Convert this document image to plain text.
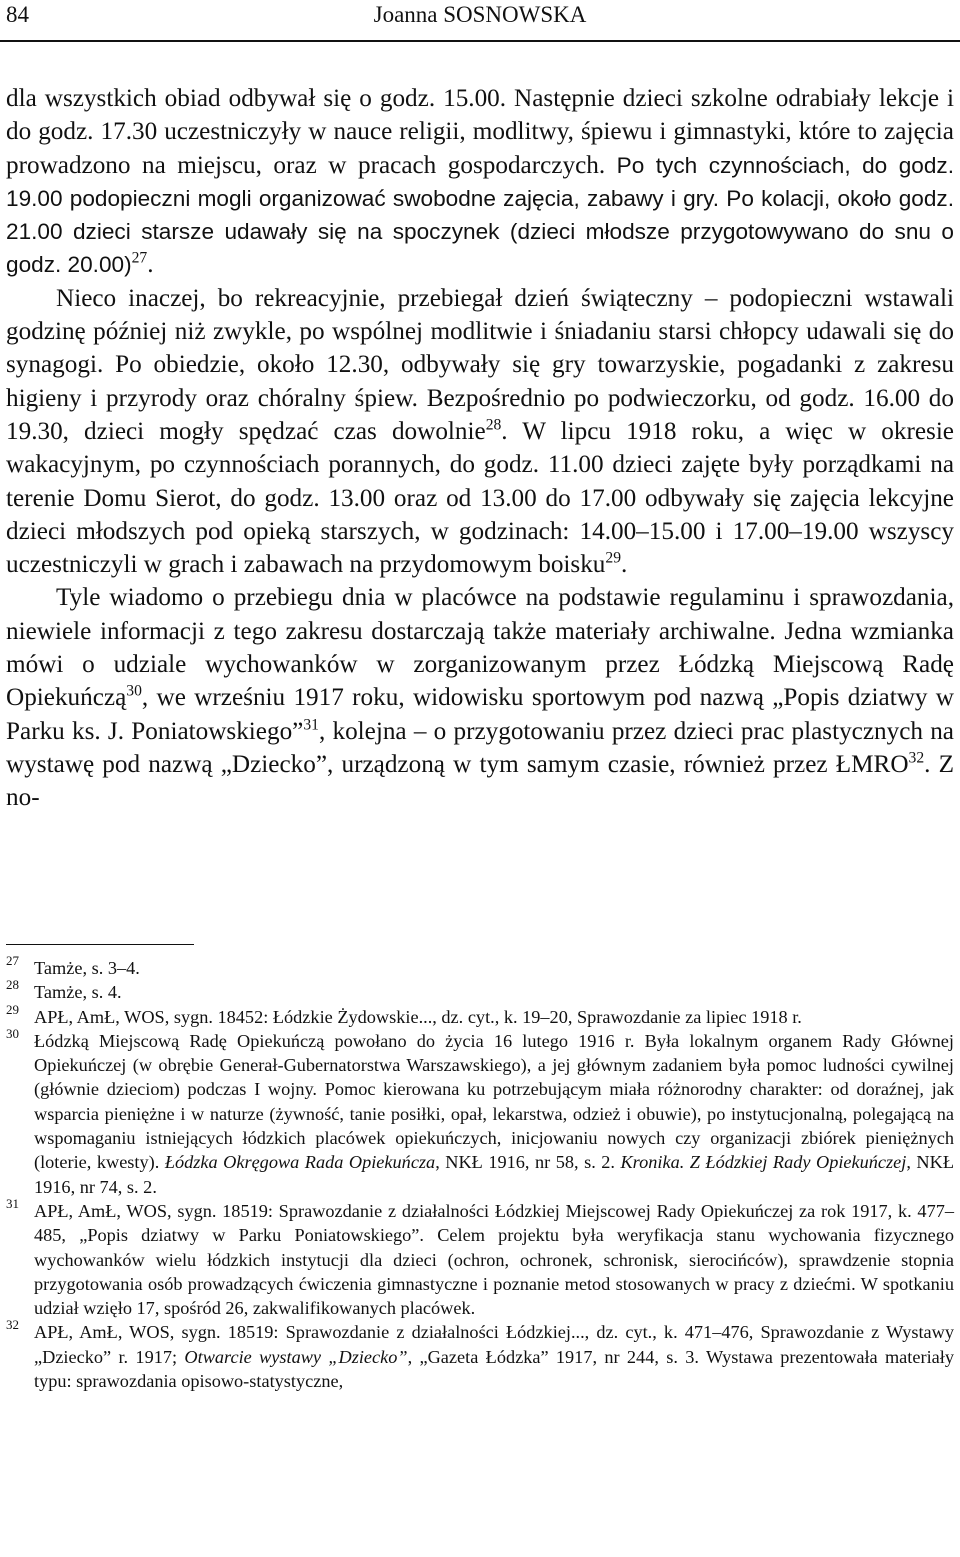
84	Joanna SOSNOWSKA

dla wszystkich obiad odbywał się o godz. 15.00. Następnie dzieci szkolne odrabiały lekcje i do godz. 17.30 uczestniczyły w nauce religii, modlitwy, śpiewu i gimnastyki, które to zajęcia prowadzono na miejscu, oraz w pracach gospodarczych. Po tych czynnościach, do godz. 19.00 podopieczni mogli organizować swobodne zajęcia, zabawy i gry. Po kolacji, około godz. 21.00 dzieci starsze udawały się na spoczynek (dzieci młodsze przygotowywano do snu o godz. 20.00)$^{27}$.

Nieco inaczej, bo rekreacyjnie, przebiegał dzień świąteczny – podopieczni wstawali godzinę później niż zwykle, po wspólnej modlitwie i śniadaniu starsi chłopcy udawali się do synagogi. Po obiedzie, około 12.30, odbywały się gry towarzyskie, pogadanki z zakresu higieny i przyrody oraz chóralny śpiew. Bezpośrednio po podwieczorku, od godz. 16.00 do 19.30, dzieci mogły spędzać czas dowolnie$^{28}$. W lipcu 1918 roku, a więc w okresie wakacyjnym, po czynnościach porannych, do godz. 11.00 dzieci zajęte były porządkami na terenie Domu Sierot, do godz. 13.00 oraz od 13.00 do 17.00 odbywały się zajęcia lekcyjne dzieci młodszych pod opieką starszych, w godzinach: 14.00–15.00 i 17.00–19.00 wszyscy uczestniczyli w grach i zabawach na przydomowym boisku$^{29}$.

Tyle wiadomo o przebiegu dnia w placówce na podstawie regulaminu i sprawozdania, niewiele informacji z tego zakresu dostarczają także materiały archiwalne. Jedna wzmianka mówi o udziale wychowanków w zorganizowanym przez Łódzką Miejscową Radę Opiekuńczą$^{30}$, we wrześniu 1917 roku, widowisku sportowym pod nazwą „Popis dziatwy w Parku ks. J. Poniatowskiego”$^{31}$, kolejna – o przygotowaniu przez dzieci prac plastycznych na wystawę pod nazwą „Dziecko”, urządzoną w tym samym czasie, również przez ŁMRO$^{32}$. Z no-

27 Tamże, s. 3–4.
28 Tamże, s. 4.
29 APŁ, AmŁ, WOS, sygn. 18452: Łódzkie Żydowskie..., dz. cyt., k. 19–20, Sprawozdanie za lipiec 1918 r.
30 Łódzką Miejscową Radę Opiekuńczą powołano do życia 16 lutego 1916 r. Była lokalnym organem Rady Głównej Opiekuńczej (w obrębie Generał-Gubernatorstwa Warszawskiego), a jej głównym zadaniem była pomoc ludności cywilnej (głównie dzieciom) podczas I wojny. Pomoc kierowana ku potrzebującym miała różnorodny charakter: od doraźnej, jak wsparcia pieniężne i w naturze (żywność, tanie posiłki, opał, lekarstwa, odzież i obuwie), po instytucjonalną, polegającą na wspomaganiu istniejących łódzkich placówek opiekuńczych, inicjowaniu nowych czy organizacji zbiórek pieniężnych (loterie, kwesty). Łódzka Okręgowa Rada Opiekuńcza, NKŁ 1916, nr 58, s. 2. Kronika. Z Łódzkiej Rady Opiekuńczej, NKŁ 1916, nr 74, s. 2.
31 APŁ, AmŁ, WOS, sygn. 18519: Sprawozdanie z działalności Łódzkiej Miejscowej Rady Opiekuńczej za rok 1917, k. 477–485, „Popis dziatwy w Parku Poniatowskiego”. Celem projektu była weryfikacja stanu wychowania fizycznego wychowanków wielu łódzkich instytucji dla dzieci (ochron, ochronek, schronisk, sierocińców), sprawdzenie stopnia przygotowania osób prowadzących ćwiczenia gimnastyczne i poznanie metod stosowanych w pracy z dziećmi. W spotkaniu udział wzięło 17, spośród 26, zakwalifikowanych placówek.
32 APŁ, AmŁ, WOS, sygn. 18519: Sprawozdanie z działalności Łódzkiej..., dz. cyt., k. 471–476, Sprawozdanie z Wystawy „Dziecko” r. 1917; Otwarcie wystawy „Dziecko”, „Gazeta Łódzka” 1917, nr 244, s. 3. Wystawa prezentowała materiały typu: sprawozdania opisowo-statystyczne,
